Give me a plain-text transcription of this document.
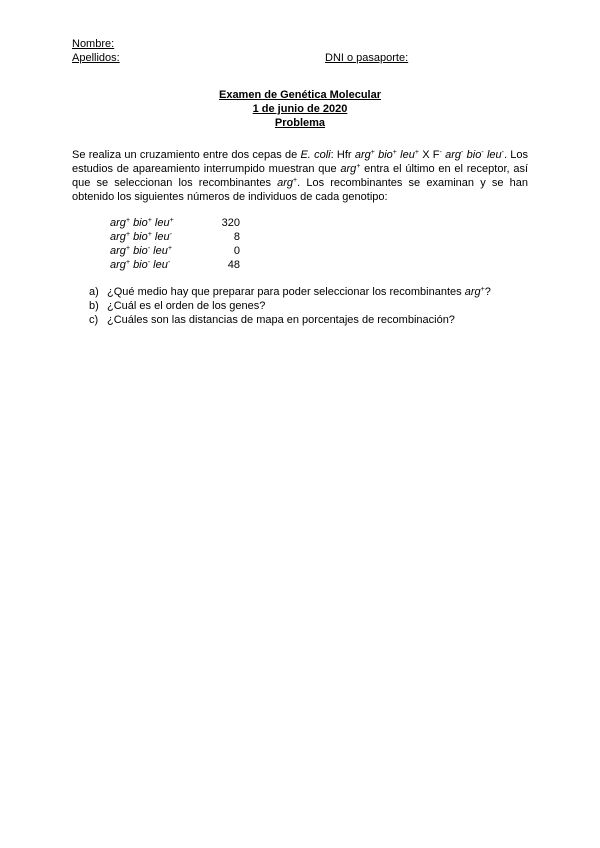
Nombre:
Apellidos:	DNI o pasaporte:
Examen de Genética Molecular
1 de junio de 2020
Problema
Se realiza un cruzamiento entre dos cepas de E. coli: Hfr arg+ bio+ leu+ X F- arg- bio- leu-. Los
estudios de apareamiento interrumpido muestran que arg+ entra el último en el receptor, así
que se seleccionan los recombinantes arg+. Los recombinantes se examinan y se han
obtenido los siguientes números de individuos de cada genotipo:
arg+ bio+ leu+	320
arg+ bio+ leu-	8
arg+ bio- leu+	0
arg+ bio- leu-	48
a) ¿Qué medio hay que preparar para poder seleccionar los recombinantes arg+?
b) ¿Cuál es el orden de los genes?
c) ¿Cuáles son las distancias de mapa en porcentajes de recombinación?
